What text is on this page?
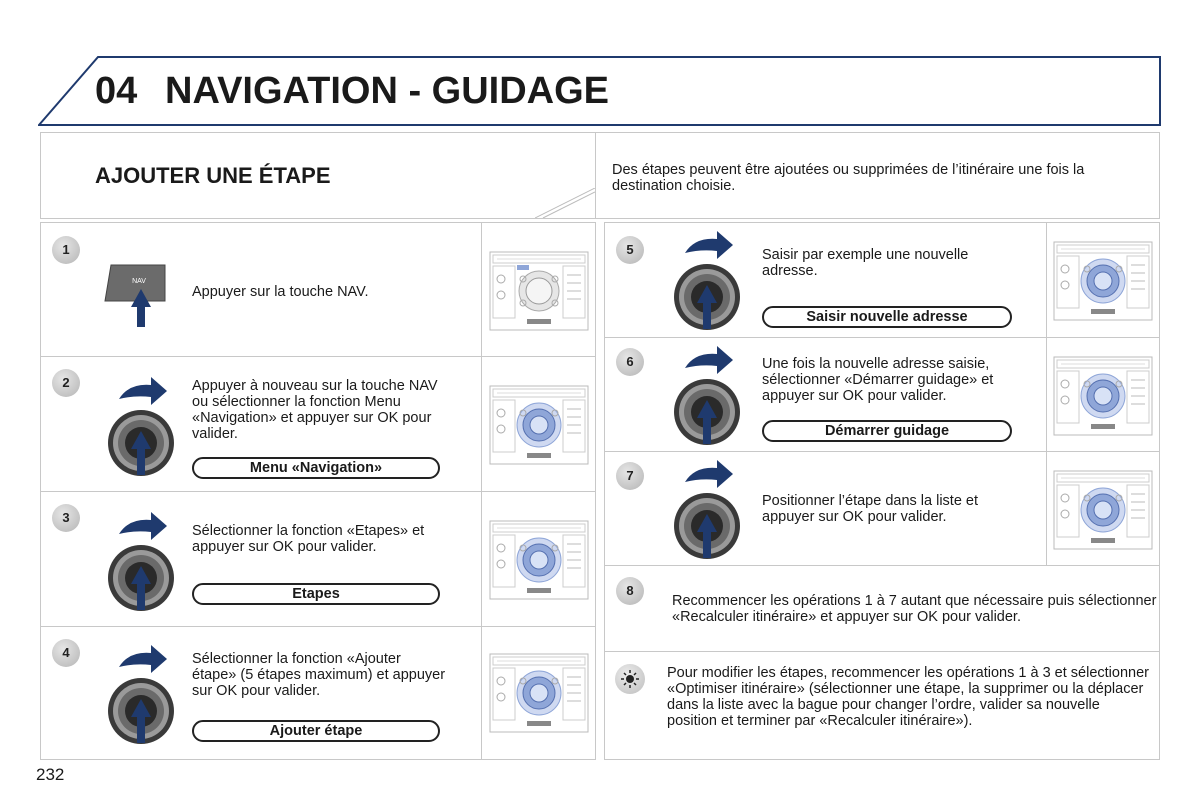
04 NAVIGATION - GUIDAGE
AJOUTER UNE ÉTAPE	Des étapes peuvent être ajoutées ou supprimées de l’itinéraire une fois la destination choisie.
1
NAV
Appuyer sur la touche NAV.
2	Appuyer à nouveau sur la touche NAV ou sélectionner la fonction Menu «Navigation» et appuyer sur OK pour valider.
Menu «Navigation»
3
Sélectionner la fonction «Etapes» et appuyer sur OK pour valider.
Etapes
4	Sélectionner la fonction «Ajouter étape» (5 étapes maximum) et appuyer sur OK pour valider.
Ajouter étape
5	Saisir par exemple une nouvelle adresse.
Saisir nouvelle adresse
6	Une fois la nouvelle adresse saisie, sélectionner «Démarrer guidage» et appuyer sur OK pour valider.
Démarrer guidage
7
Positionner l’étape dans la liste et appuyer sur OK pour valider.
8
Recommencer les opérations 1 à 7 autant que nécessaire puis sélectionner «Recalculer itinéraire» et appuyer sur OK pour valider.
Pour modifier les étapes, recommencer les opérations 1 à 3 et sélectionner «Optimiser itinéraire» (sélectionner une étape, la supprimer ou la déplacer dans la liste avec la bague pour changer l’ordre, valider sa nouvelle position et terminer par «Recalculer itinéraire»).
232
